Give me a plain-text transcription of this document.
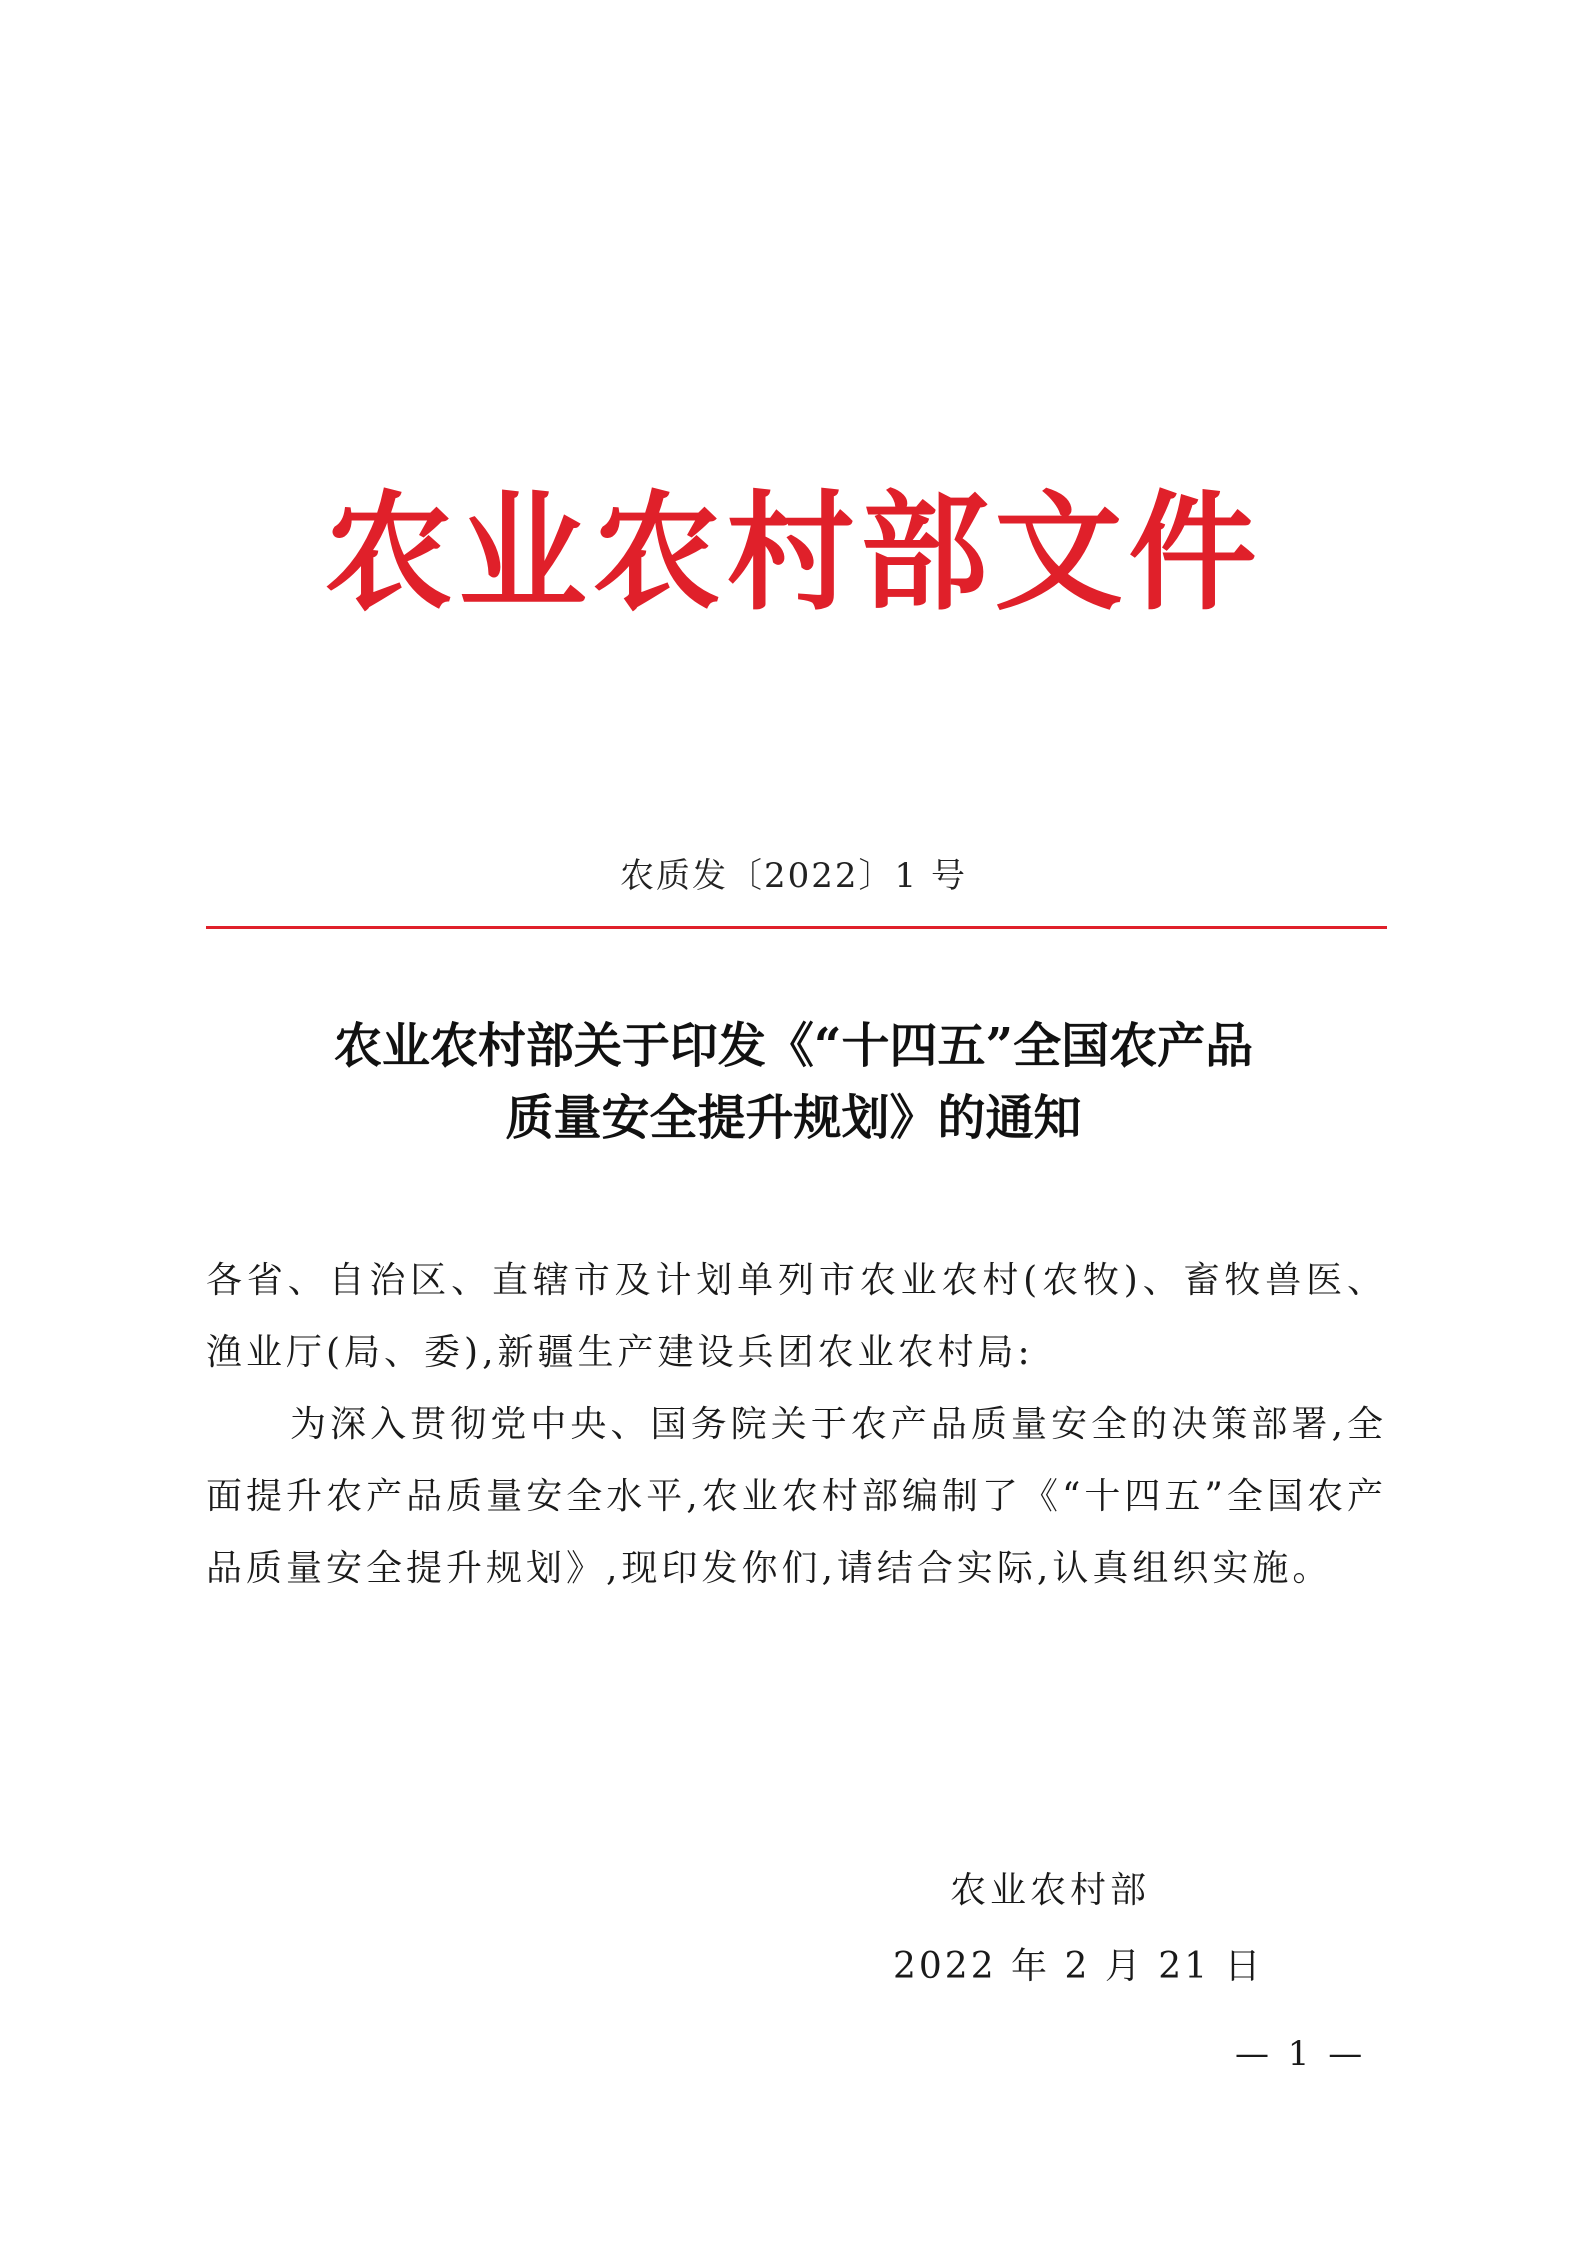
农业农村部文件
农质发〔2022〕1 号
农业农村部关于印发《“十四五”全国农产品
质量安全提升规划》的通知

各省、自治区、直辖市及计划单列市农业农村(农牧)、畜牧兽医、渔业厅(局、委),新疆生产建设兵团农业农村局:

为深入贯彻党中央、国务院关于农产品质量安全的决策部署,全面提升农产品质量安全水平,农业农村部编制了《“十四五”全国农产品质量安全提升规划》,现印发你们,请结合实际,认真组织实施。

农业农村部
2022 年 2 月 21 日
— 1 —
